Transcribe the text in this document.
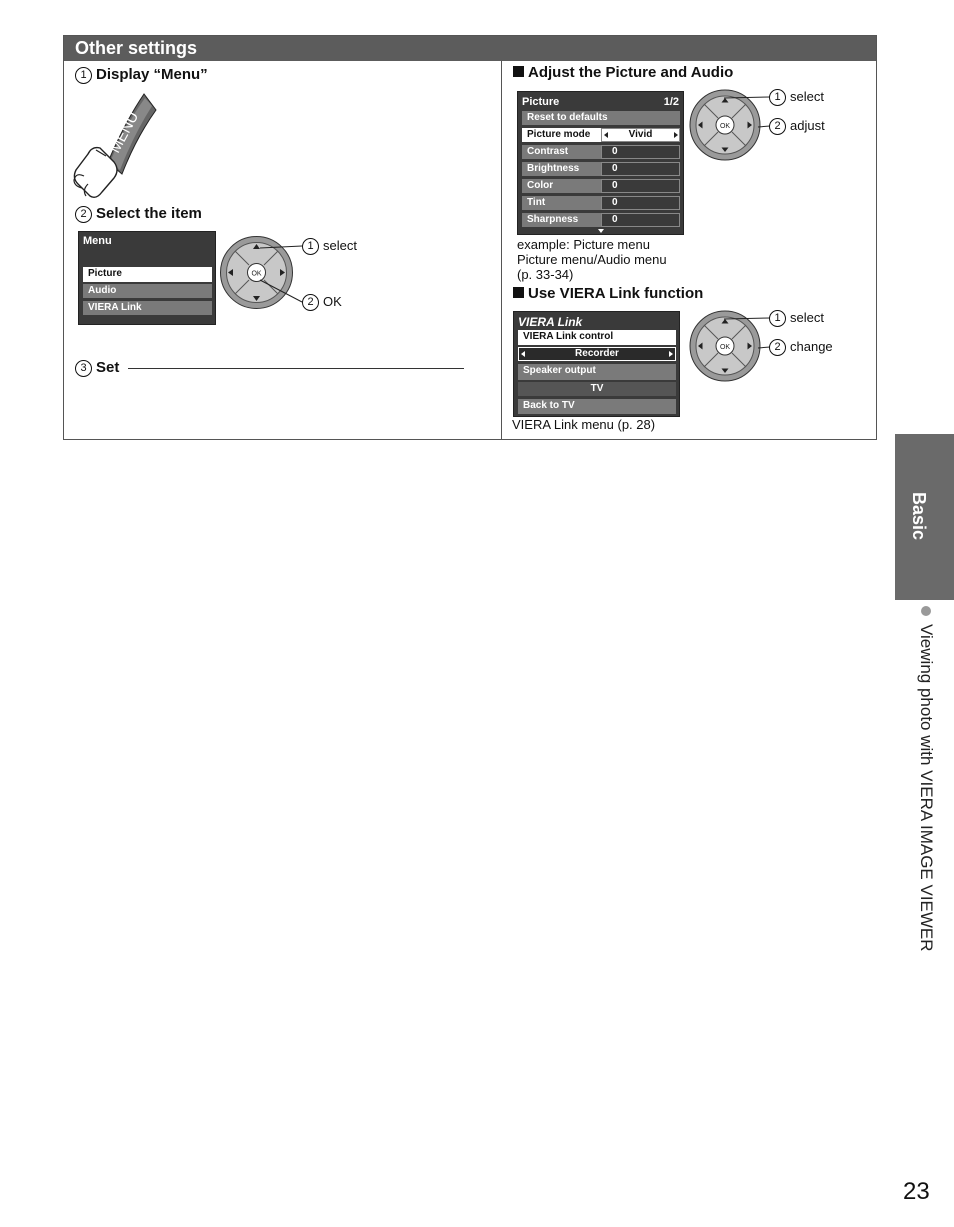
Other settings
1 Display “Menu”
MENU
2 Select the item
Menu
Picture
Audio
VIERA Link
OK
1 select
2 OK
3 Set
Adjust the Picture and Audio
Picture	1/2
Reset to defaults
Picture mode	Vivid
Contrast	0
Brightness	0
Color	0
Tint	0
Sharpness	0
OK
1 select
2 adjust
example: Picture menu
Picture menu/Audio menu
(p. 33-34)
Use VIERA Link function
VIERA Link
VIERA Link control
Recorder
Speaker output
TV
Back to TV
OK
1 select
2 change
VIERA Link menu (p. 28)
Basic
Viewing photo with VIERA IMAGE VIEWER
23
